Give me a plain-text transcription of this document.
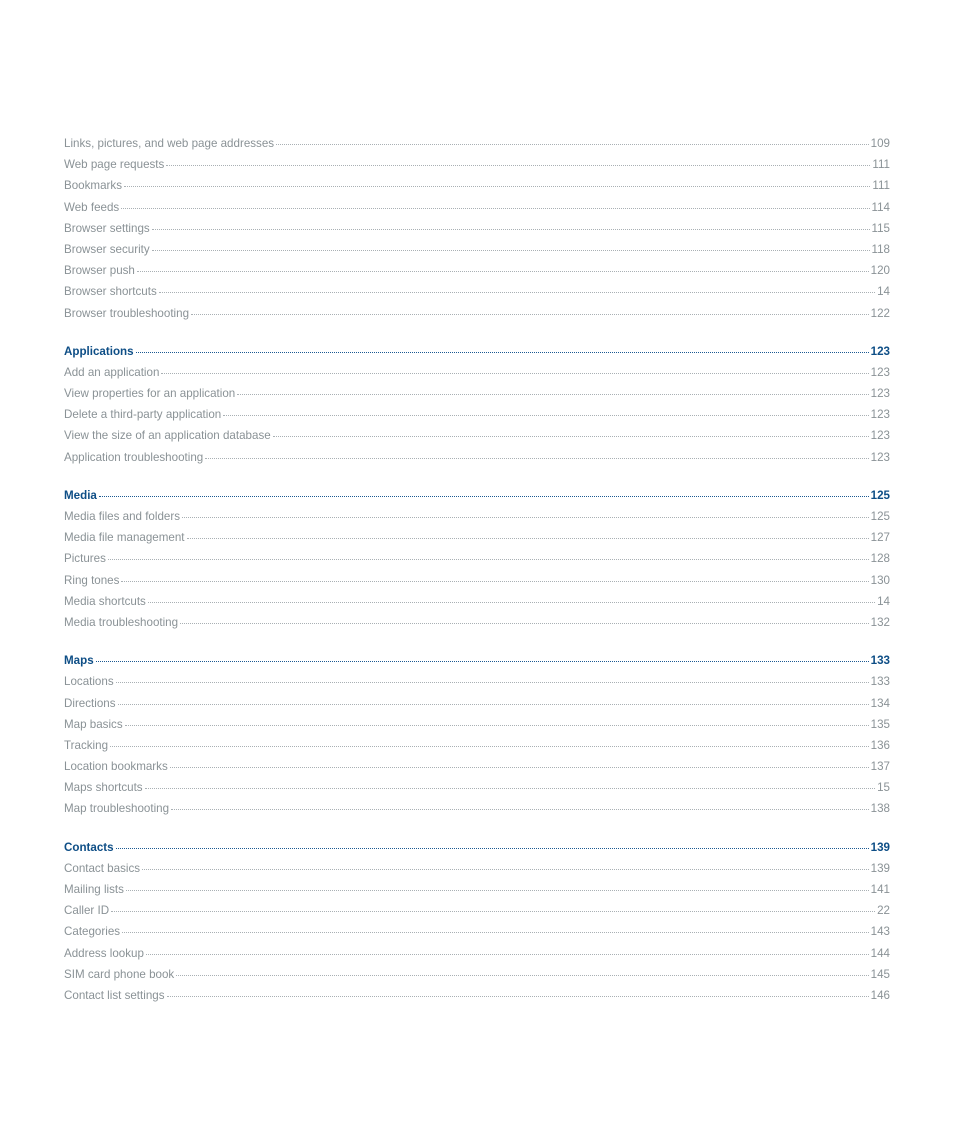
Links, pictures, and web page addresses	109
Web page requests	111
Bookmarks	111
Web feeds	114
Browser settings	115
Browser security	118
Browser push	120
Browser shortcuts	14
Browser troubleshooting	122
Applications	123
Add an application	123
View properties for an application	123
Delete a third-party application	123
View the size of an application database	123
Application troubleshooting	123
Media	125
Media files and folders	125
Media file management	127
Pictures	128
Ring tones	130
Media shortcuts	14
Media troubleshooting	132
Maps	133
Locations	133
Directions	134
Map basics	135
Tracking	136
Location bookmarks	137
Maps shortcuts	15
Map troubleshooting	138
Contacts	139
Contact basics	139
Mailing lists	141
Caller ID	22
Categories	143
Address lookup	144
SIM card phone book	145
Contact list settings	146
